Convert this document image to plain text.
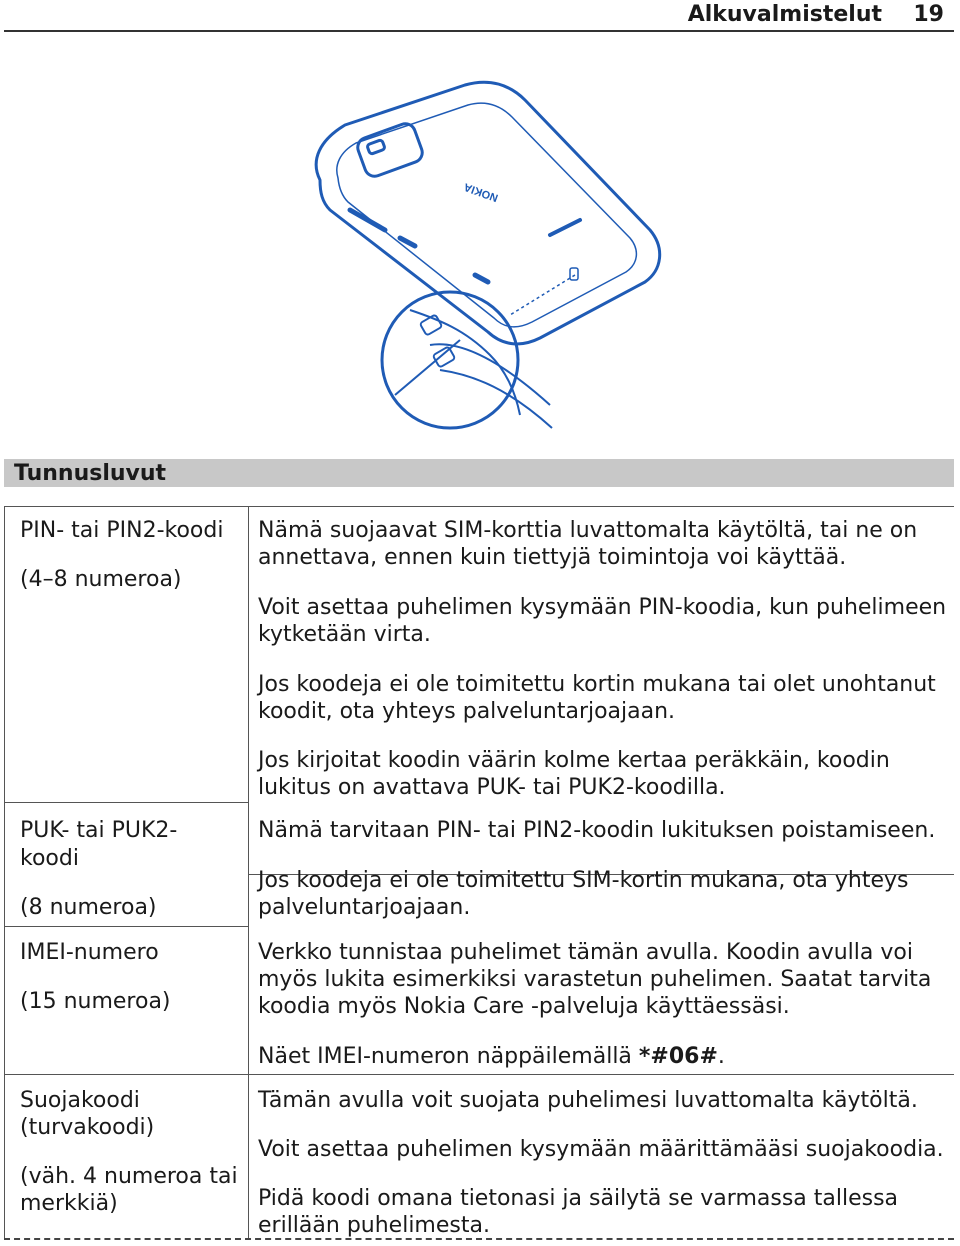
Alkuvalmistelut 19
NOKIA
Tunnusluvut
PIN- tai PIN2-koodi
(4–8 numeroa)
Nämä suojaavat SIM-korttia luvattomalta käytöltä, tai ne on
annettava, ennen kuin tiettyjä toimintoja voi käyttää.
Voit asettaa puhelimen kysymään PIN-koodia, kun puhelimeen
kytketään virta.
Jos koodeja ei ole toimitettu kortin mukana tai olet unohtanut
koodit, ota yhteys palveluntarjoajaan.
Jos kirjoitat koodin väärin kolme kertaa peräkkäin, koodin
lukitus on avattava PUK- tai PUK2-koodilla.
PUK- tai PUK2-
koodi
(8 numeroa)
Nämä tarvitaan PIN- tai PIN2-koodin lukituksen poistamiseen.
Jos koodeja ei ole toimitettu SIM-kortin mukana, ota yhteys
palveluntarjoajaan.
IMEI-numero
(15 numeroa)
Verkko tunnistaa puhelimet tämän avulla. Koodin avulla voi
myös lukita esimerkiksi varastetun puhelimen. Saatat tarvita
koodia myös Nokia Care -palveluja käyttäessäsi.
Näet IMEI-numeron näppäilemällä *#06#.
Suojakoodi
(turvakoodi)
(väh. 4 numeroa tai
merkkiä)
Tämän avulla voit suojata puhelimesi luvattomalta käytöltä.
Voit asettaa puhelimen kysymään määrittämääsi suojakoodia.
Pidä koodi omana tietonasi ja säilytä se varmassa tallessa
erillään puhelimesta.
